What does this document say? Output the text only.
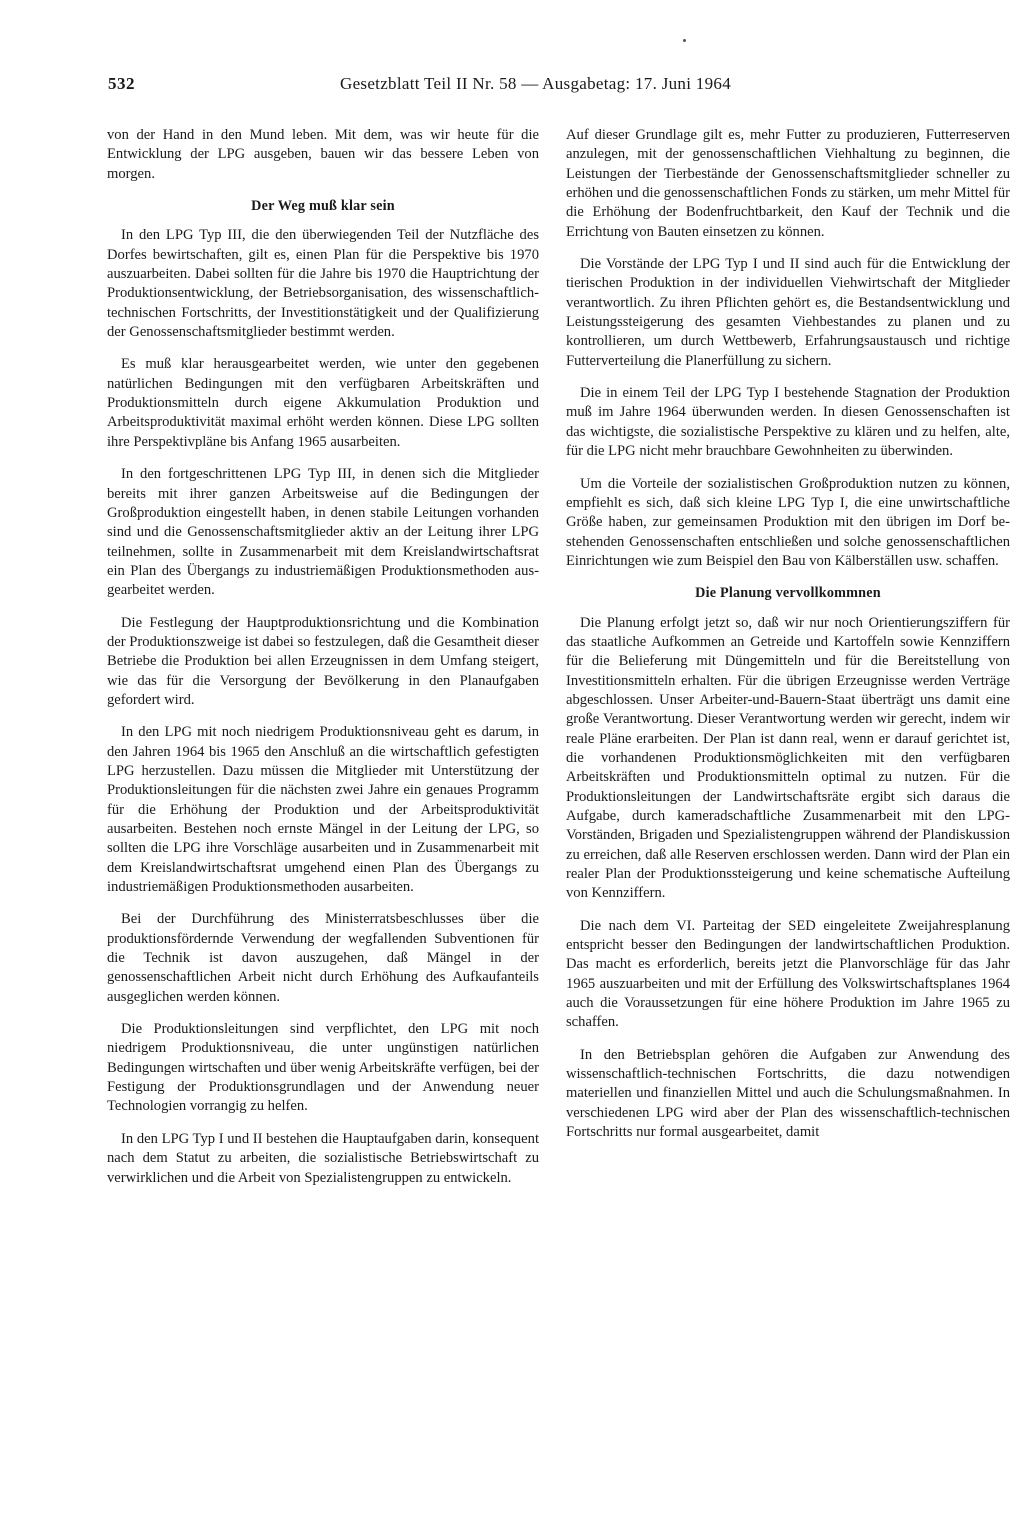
532	Gesetzblatt Teil II Nr. 58 — Ausgabetag: 17. Juni 1964

von der Hand in den Mund leben. Mit dem, was wir heute für die Entwicklung der LPG ausgeben, bauen wir das bessere Leben von morgen.

Der Weg muß klar sein

In den LPG Typ III, die den überwiegenden Teil der Nutzfläche des Dorfes bewirtschaften, gilt es, einen Plan für die Perspektive bis 1970 auszuarbeiten. Dabei sollten für die Jahre bis 1970 die Hauptrichtung der Produktionsentwicklung, der Betriebsorganisation, des wissenschaftlich-technischen Fortschritts, der Investitionstätigkeit und der Qualifizierung der Genossenschaftsmitglieder bestimmt werden.

Es muß klar herausgearbeitet werden, wie unter den gegebenen natürlichen Bedingungen mit den verfügbaren Arbeitskräften und Produktionsmitteln durch eigene Akkumulation Produktion und Arbeitsproduktivität maximal erhöht werden können. Diese LPG sollten ihre Perspektivpläne bis Anfang 1965 ausarbeiten.

In den fortgeschrittenen LPG Typ III, in denen sich die Mitglieder bereits mit ihrer ganzen Arbeitsweise auf die Bedingungen der Großproduktion eingestellt haben, in denen stabile Leitungen vorhanden sind und die Genossenschaftsmitglieder aktiv an der Leitung ihrer LPG teilnehmen, sollte in Zusammenarbeit mit dem Kreislandwirtschaftsrat ein Plan des Übergangs zu industriemäßigen Produktionsmethoden ausgearbeitet werden.

Die Festlegung der Hauptproduktionsrichtung und die Kombination der Produktionszweige ist dabei so festzulegen, daß die Gesamtheit dieser Betriebe die Produktion bei allen Erzeugnissen in dem Umfang steigert, wie das für die Versorgung der Bevölkerung in den Planaufgaben gefordert wird.

In den LPG mit noch niedrigem Produktionsniveau geht es darum, in den Jahren 1964 bis 1965 den Anschluß an die wirtschaftlich gefestigten LPG herzustellen. Dazu müssen die Mitglieder mit Unterstützung der Produktionsleitungen für die nächsten zwei Jahre ein genaues Programm für die Erhöhung der Produktion und der Arbeitsproduktivität ausarbeiten. Bestehen noch ernste Mängel in der Leitung der LPG, so sollten die LPG ihre Vorschläge ausarbeiten und in Zusammenarbeit mit dem Kreislandwirtschaftsrat umgehend einen Plan des Übergangs zu industriemäßigen Produktionsmethoden ausarbeiten.

Bei der Durchführung des Ministerratsbeschlusses über die produktionsfördernde Verwendung der wegfallenden Subventionen für die Technik ist davon auszugehen, daß Mängel in der genossenschaftlichen Arbeit nicht durch Erhöhung des Aufkaufanteils ausgeglichen werden können.

Die Produktionsleitungen sind verpflichtet, den LPG mit noch niedrigem Produktionsniveau, die unter ungünstigen natürlichen Bedingungen wirtschaften und über wenig Arbeitskräfte verfügen, bei der Festigung der Produktionsgrundlagen und der Anwendung neuer Technologien vorrangig zu helfen.

In den LPG Typ I und II bestehen die Hauptaufgaben darin, konsequent nach dem Statut zu arbeiten, die sozialistische Betriebswirtschaft zu verwirklichen und die Arbeit von Spezialistengruppen zu entwickeln.

Auf dieser Grundlage gilt es, mehr Futter zu produzieren, Futterreserven anzulegen, mit der genossenschaftlichen Viehhaltung zu beginnen, die Leistungen der Tierbestände der Genossenschaftsmitglieder schneller zu erhöhen und die genossenschaftlichen Fonds zu stärken, um mehr Mittel für die Erhöhung der Bodenfruchtbarkeit, den Kauf der Technik und die Errichtung von Bauten einsetzen zu können.

Die Vorstände der LPG Typ I und II sind auch für die Entwicklung der tierischen Produktion in der individuellen Viehwirtschaft der Mitglieder verantwortlich. Zu ihren Pflichten gehört es, die Bestandsentwicklung und Leistungssteigerung des gesamten Viehbestandes zu planen und zu kontrollieren, um durch Wettbewerb, Erfahrungsaustausch und richtige Futterverteilung die Planerfüllung zu sichern.

Die in einem Teil der LPG Typ I bestehende Stagnation der Produktion muß im Jahre 1964 überwunden werden. In diesen Genossenschaften ist das wichtigste, die sozialistische Perspektive zu klären und zu helfen, alte, für die LPG nicht mehr brauchbare Gewohnheiten zu überwinden.

Um die Vorteile der sozialistischen Großproduktion nutzen zu können, empfiehlt es sich, daß sich kleine LPG Typ I, die eine unwirtschaftliche Größe haben, zur gemeinsamen Produktion mit den übrigen im Dorf bestehenden Genossenschaften entschließen und solche genossenschaftlichen Einrichtungen wie zum Beispiel den Bau von Kälberställen usw. schaffen.

Die Planung vervollkommnen

Die Planung erfolgt jetzt so, daß wir nur noch Orientierungsziffern für das staatliche Aufkommen an Getreide und Kartoffeln sowie Kennziffern für die Belieferung mit Düngemitteln und für die Bereitstellung von Investitionsmitteln erhalten. Für die übrigen Erzeugnisse werden Verträge abgeschlossen. Unser Arbeiter-und-Bauern-Staat überträgt uns damit eine große Verantwortung. Dieser Verantwortung werden wir gerecht, indem wir reale Pläne erarbeiten. Der Plan ist dann real, wenn er darauf gerichtet ist, die vorhandenen Produktionsmöglichkeiten mit den verfügbaren Arbeitskräften und Produktionsmitteln optimal zu nutzen. Für die Produktionsleitungen der Landwirtschaftsräte ergibt sich daraus die Aufgabe, durch kameradschaftliche Zusammenarbeit mit den LPG-Vorständen, Brigaden und Spezialistengruppen während der Plandiskussion zu erreichen, daß alle Reserven erschlossen werden. Dann wird der Plan ein realer Plan der Produktionssteigerung und keine schematische Aufteilung von Kennziffern.

Die nach dem VI. Parteitag der SED eingeleitete Zweijahresplanung entspricht besser den Bedingungen der landwirtschaftlichen Produktion. Das macht es erforderlich, bereits jetzt die Planvorschläge für das Jahr 1965 auszuarbeiten und mit der Erfüllung des Volkswirtschaftsplanes 1964 auch die Voraussetzungen für eine höhere Produktion im Jahre 1965 zu schaffen.

In den Betriebsplan gehören die Aufgaben zur Anwendung des wissenschaftlich-technischen Fortschritts, die dazu notwendigen materiellen und finanziellen Mittel und auch die Schulungsmaßnahmen. In verschiedenen LPG wird aber der Plan des wissenschaftlich-technischen Fortschritts nur formal ausgearbeitet, damit
